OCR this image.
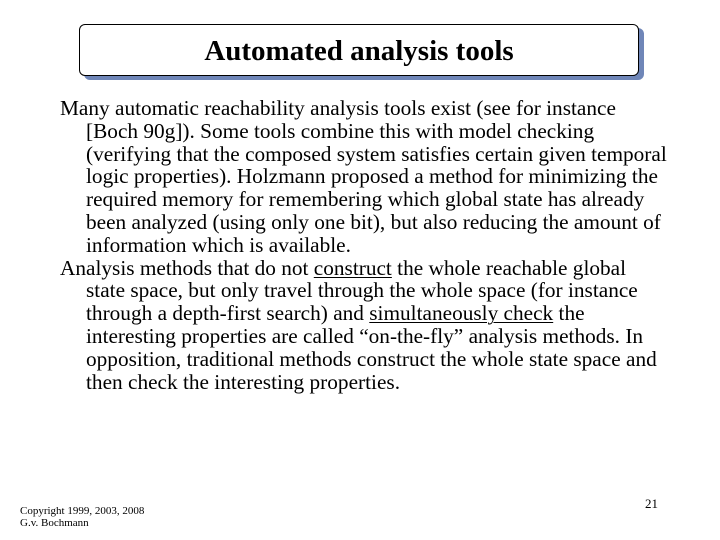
Automated analysis tools

Many automatic reachability analysis tools exist (see for instance [Boch 90g]). Some tools combine this with model checking (verifying that the composed system satisfies certain given temporal logic properties). Holzmann proposed a method for minimizing the required memory for remembering which global state has already been analyzed (using only one bit), but also reducing the amount of information which is available.

Analysis methods that do not construct the whole reachable global state space, but only travel through the whole space (for instance through a depth-first search) and simultaneously check the interesting properties are called “on-the-fly” analysis methods. In opposition, traditional methods construct the whole state space and then check the interesting properties.

Copyright 1999, 2003, 2008
G.v. Bochmann
21
